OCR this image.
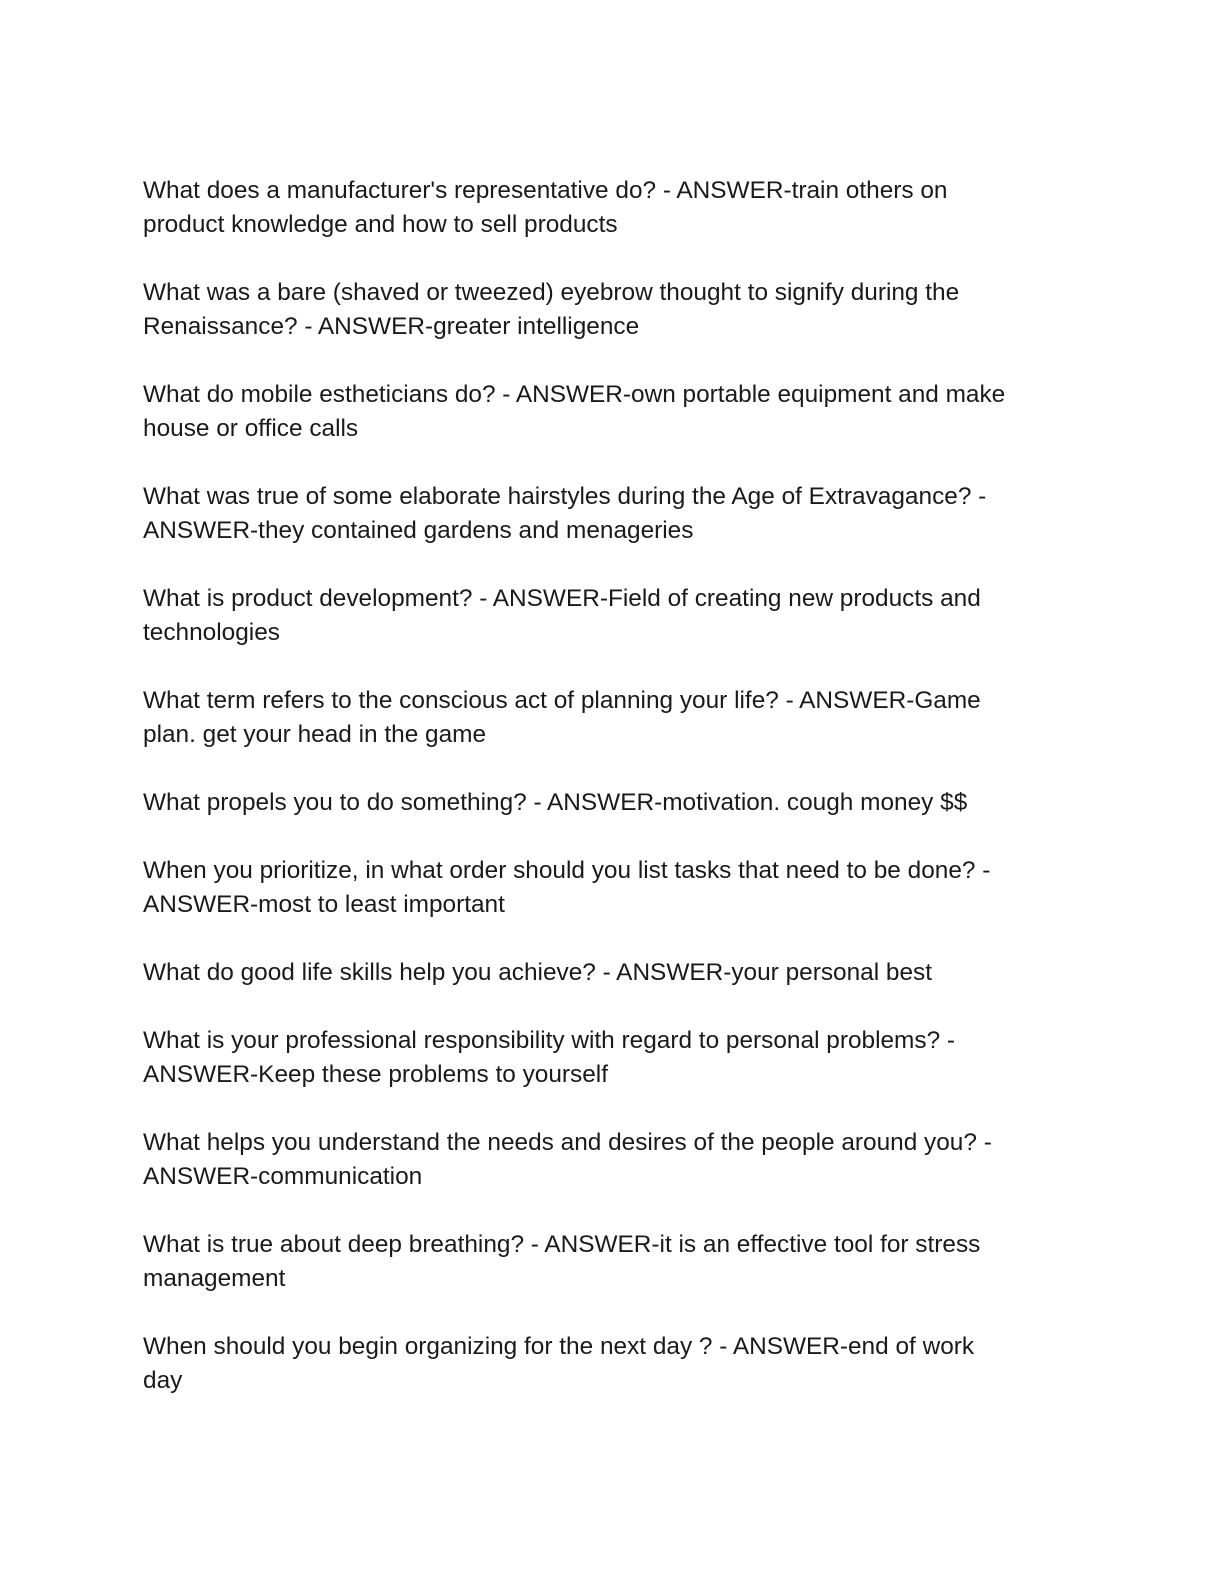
What does a manufacturer's representative do? - ANSWER-train others on
product knowledge and how to sell products
What was a bare (shaved or tweezed) eyebrow thought to signify during the
Renaissance? - ANSWER-greater intelligence
What do mobile estheticians do? - ANSWER-own portable equipment and make
house or office calls
What was true of some elaborate hairstyles during the Age of Extravagance? -
ANSWER-they contained gardens and menageries
What is product development? - ANSWER-Field of creating new products and
technologies
What term refers to the conscious act of planning your life? - ANSWER-Game
plan. get your head in the game
What propels you to do something? - ANSWER-motivation. cough money $$
When you prioritize, in what order should you list tasks that need to be done? -
ANSWER-most to least important
What do good life skills help you achieve? - ANSWER-your personal best
What is your professional responsibility with regard to personal problems? -
ANSWER-Keep these problems to yourself
What helps you understand the needs and desires of the people around you? -
ANSWER-communication
What is true about deep breathing? - ANSWER-it is an effective tool for stress
management
When should you begin organizing for the next day ? - ANSWER-end of work
day
